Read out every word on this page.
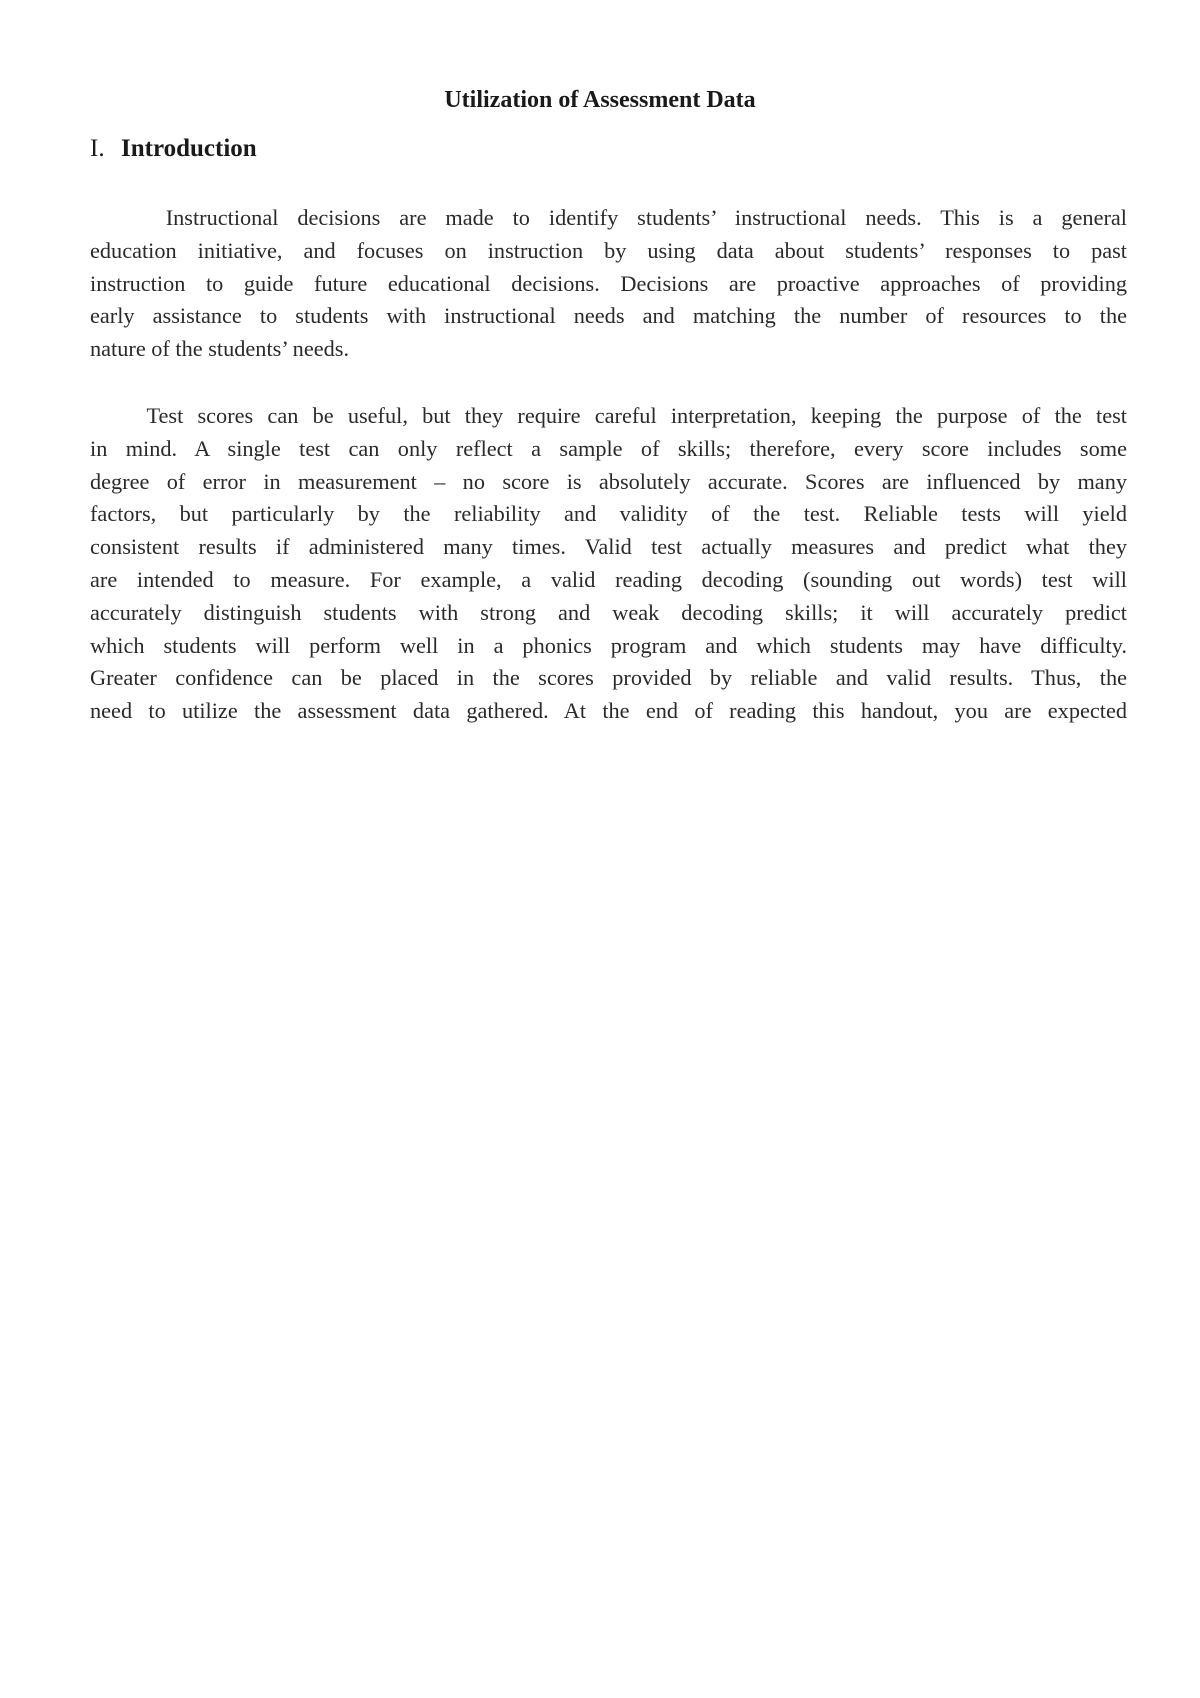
Utilization of Assessment Data
I. Introduction
Instructional decisions are made to identify students’ instructional needs. This is a general
education initiative, and focuses on instruction by using data about students’ responses to past
instruction to guide future educational decisions. Decisions are proactive approaches of providing
early assistance to students with instructional needs and matching the number of resources to the
nature of the students’ needs.
Test scores can be useful, but they require careful interpretation, keeping the purpose of the test
in mind. A single test can only reflect a sample of skills; therefore, every score includes some
degree of error in measurement – no score is absolutely accurate. Scores are influenced by many
factors, but particularly by the reliability and validity of the test. Reliable tests will yield
consistent results if administered many times. Valid test actually measures and predict what they
are intended to measure. For example, a valid reading decoding (sounding out words) test will
accurately distinguish students with strong and weak decoding skills; it will accurately predict
which students will perform well in a phonics program and which students may have difficulty.
Greater confidence can be placed in the scores provided by reliable and valid results. Thus, the
need to utilize the assessment data gathered. At the end of reading this handout, you are expected
